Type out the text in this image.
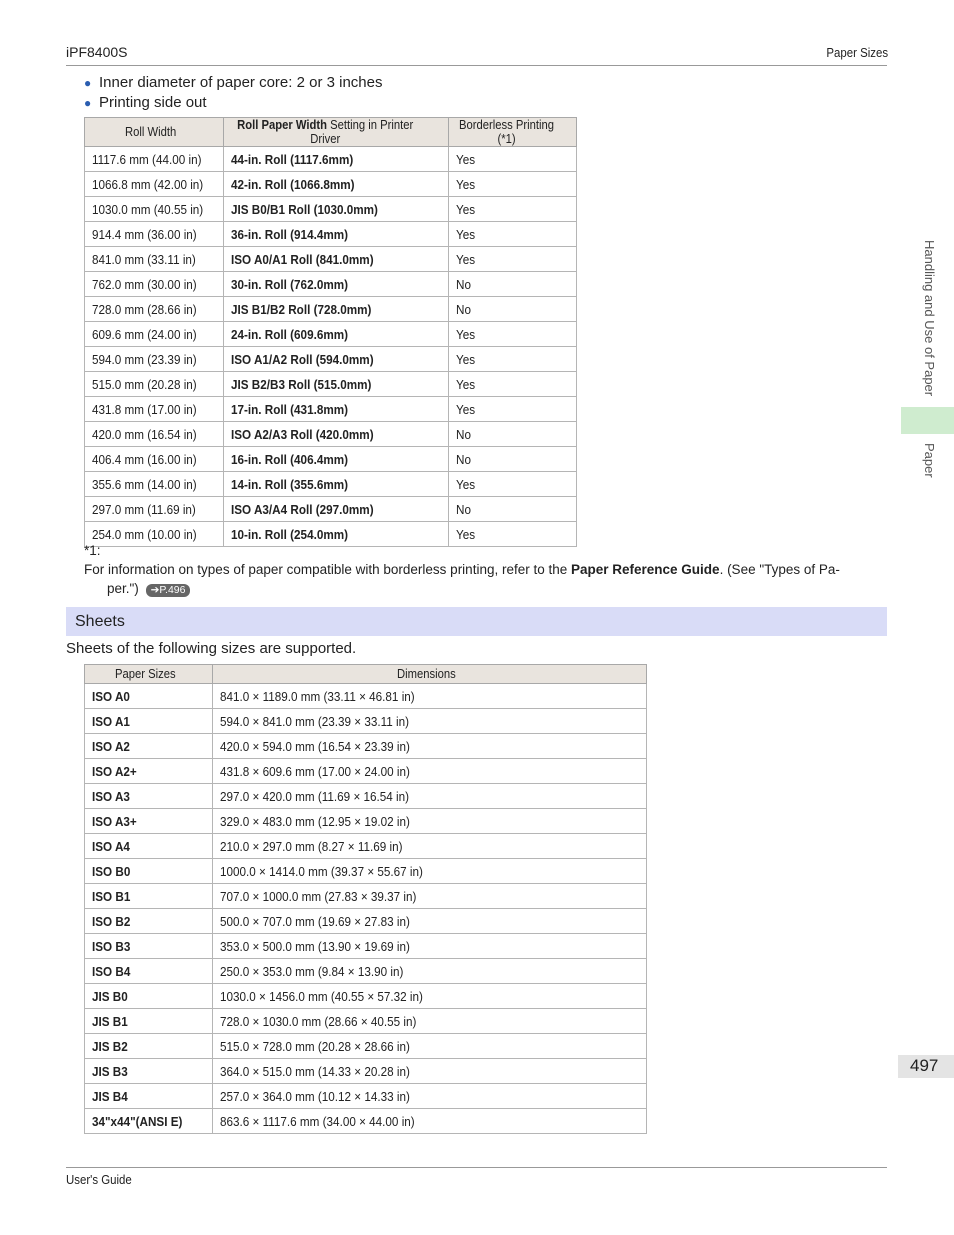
iPF8400S	Paper Sizes
● Inner diameter of paper core: 2 or 3 inches
● Printing side out
Roll Width	Roll Paper Width Setting in Printer Driver	Borderless Printing (*1)
1117.6 mm (44.00 in)	44-in. Roll (1117.6mm)	Yes
1066.8 mm (42.00 in)	42-in. Roll (1066.8mm)	Yes
1030.0 mm (40.55 in)	JIS B0/B1 Roll (1030.0mm)	Yes
914.4 mm (36.00 in)	36-in. Roll (914.4mm)	Yes
841.0 mm (33.11 in)	ISO A0/A1 Roll (841.0mm)	Yes
762.0 mm (30.00 in)	30-in. Roll (762.0mm)	No
728.0 mm (28.66 in)	JIS B1/B2 Roll (728.0mm)	No
609.6 mm (24.00 in)	24-in. Roll (609.6mm)	Yes
594.0 mm (23.39 in)	ISO A1/A2 Roll (594.0mm)	Yes
515.0 mm (20.28 in)	JIS B2/B3 Roll (515.0mm)	Yes
431.8 mm (17.00 in)	17-in. Roll (431.8mm)	Yes
420.0 mm (16.54 in)	ISO A2/A3 Roll (420.0mm)	No
406.4 mm (16.00 in)	16-in. Roll (406.4mm)	No
355.6 mm (14.00 in)	14-in. Roll (355.6mm)	Yes
297.0 mm (11.69 in)	ISO A3/A4 Roll (297.0mm)	No
254.0 mm (10.00 in)	10-in. Roll (254.0mm)	Yes
*1:For information on types of paper compatible with borderless printing, refer to the Paper Reference Guide. (See "Types of Pa-
per.") ➔P.496
Sheets
Sheets of the following sizes are supported.
Paper Sizes	Dimensions
ISO A0	841.0 × 1189.0 mm (33.11 × 46.81 in)
ISO A1	594.0 × 841.0 mm (23.39 × 33.11 in)
ISO A2	420.0 × 594.0 mm (16.54 × 23.39 in)
ISO A2+	431.8 × 609.6 mm (17.00 × 24.00 in)
ISO A3	297.0 × 420.0 mm (11.69 × 16.54 in)
ISO A3+	329.0 × 483.0 mm (12.95 × 19.02 in)
ISO A4	210.0 × 297.0 mm (8.27 × 11.69 in)
ISO B0	1000.0 × 1414.0 mm (39.37 × 55.67 in)
ISO B1	707.0 × 1000.0 mm (27.83 × 39.37 in)
ISO B2	500.0 × 707.0 mm (19.69 × 27.83 in)
ISO B3	353.0 × 500.0 mm (13.90 × 19.69 in)
ISO B4	250.0 × 353.0 mm (9.84 × 13.90 in)
JIS B0	1030.0 × 1456.0 mm (40.55 × 57.32 in)
JIS B1	728.0 × 1030.0 mm (28.66 × 40.55 in)
JIS B2	515.0 × 728.0 mm (20.28 × 28.66 in)
JIS B3	364.0 × 515.0 mm (14.33 × 20.28 in)
JIS B4	257.0 × 364.0 mm (10.12 × 14.33 in)
34"x44"(ANSI E)	863.6 × 1117.6 mm (34.00 × 44.00 in)
Handling and Use of Paper
Paper
497
User's Guide
